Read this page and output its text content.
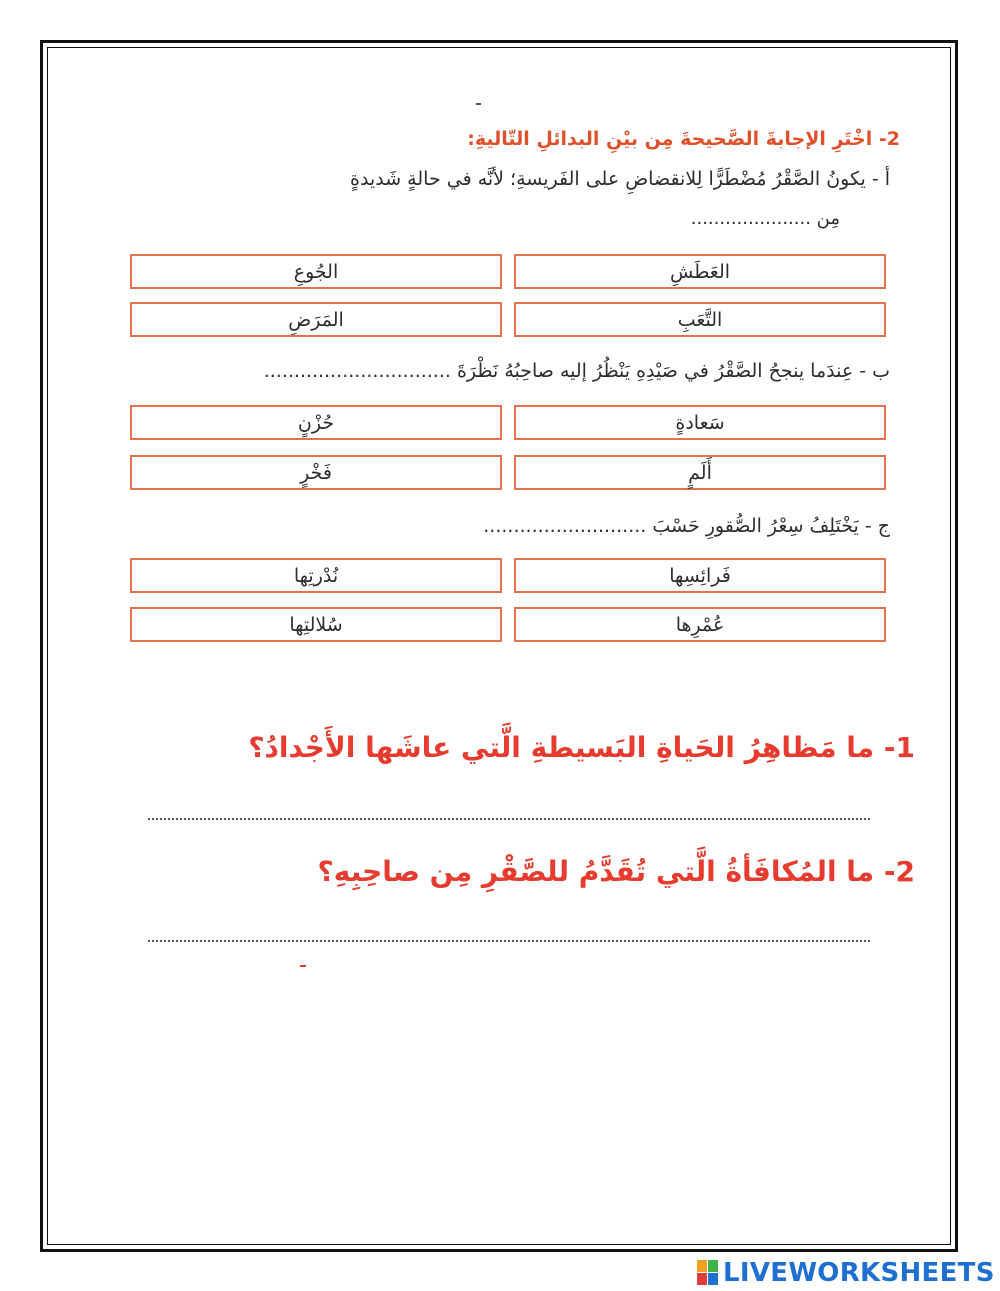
2- اخْتَرِ الإجابةَ الصَّحيحةَ مِن بيْنِ البدائلِ التّاليةِ:
أ - يكونُ الصَّقْرُ مُضْطَرًّا لِلانقضاضِ على الفَريسةِ؛ لأنَّه في حالةٍ شَديدةٍ
مِن .....................
العَطَشِ
الجُوعِ
التَّعَبِ
المَرَضِ
ب - عِندَما ينجحُ الصَّقْرُ في صَيْدِهِ يَنْظُرُ إليه صاحِبُهُ نَظْرَةَ ...............................
سَعادةٍ
حُزْنٍ
أَلَمٍ
فَخْرٍ
ج - يَخْتَلِفُ سِعْرُ الصُّقورِ حَسْبَ ...........................
فَرائِسِها
نُدْرتِها
عُمْرِها
سُلالتِها
1- ما مَظاهِرُ الحَياةِ البَسيطةِ الَّتي عاشَها الأَجْدادُ؟
2- ما المُكافَأةُ الَّتي تُقَدَّمُ للصَّقْرِ مِن صاحِبِهِ؟
LIVEWORKSHEETS
